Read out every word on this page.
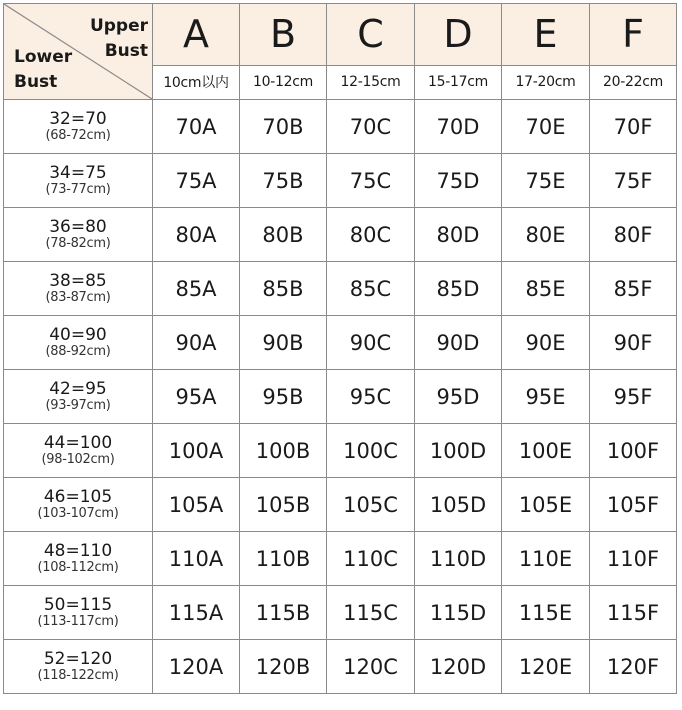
Upper
Bust
Lower
Bust	A	B	C	D	E	F
	10cm以内	10-12cm	12-15cm	15-17cm	17-20cm	20-22cm

32=70
(68-72cm)	70A	70B	70C	70D	70E	70F

34=75
(73-77cm)	75A	75B	75C	75D	75E	75F

36=80
(78-82cm)	80A	80B	80C	80D	80E	80F

38=85
(83-87cm)	85A	85B	85C	85D	85E	85F

40=90
(88-92cm)	90A	90B	90C	90D	90E	90F

42=95
(93-97cm)	95A	95B	95C	95D	95E	95F

44=100
(98-102cm)	100A	100B	100C	100D	100E	100F

46=105
(103-107cm)	105A	105B	105C	105D	105E	105F

48=110
(108-112cm)	110A	110B	110C	110D	110E	110F

50=115
(113-117cm)	115A	115B	115C	115D	115E	115F

52=120
(118-122cm)	120A	120B	120C	120D	120E	120F
